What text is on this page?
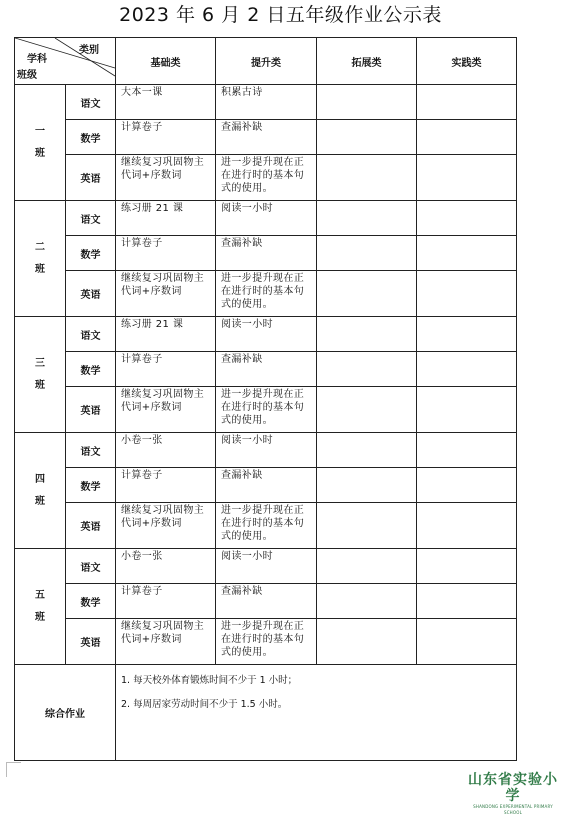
2023 年 6 月 2 日五年级作业公示表
类别
学科
班级		基础类	提升类	拓展类	实践类
一
班	语文	大本一课	积累古诗		

	数学	计算卷子	查漏补缺		

	英语	继续复习巩固物主代词+序数词	进一步提升现在正在进行时的基本句式的使用。		

二
班	语文	练习册 21 课	阅读一小时		

	数学	计算卷子	查漏补缺		

	英语	继续复习巩固物主代词+序数词	进一步提升现在正在进行时的基本句式的使用。		

三
班	语文	练习册 21 课	阅读一小时		

	数学	计算卷子	查漏补缺		

	英语	继续复习巩固物主代词+序数词	进一步提升现在正在进行时的基本句式的使用。		

四
班	语文	小卷一张	阅读一小时		

	数学	计算卷子	查漏补缺		

	英语	继续复习巩固物主代词+序数词	进一步提升现在正在进行时的基本句式的使用。		

五
班	语文	小卷一张	阅读一小时		

	数学	计算卷子	查漏补缺		

	英语	继续复习巩固物主代词+序数词	进一步提升现在正在进行时的基本句式的使用。		

综合作业		1. 每天校外体育锻炼时间不少于 1 小时；

2. 每周居家劳动时间不少于 1.5 小时。			

山东省实验小学
SHANDONG EXPERIMENTAL PRIMARY SCHOOL
